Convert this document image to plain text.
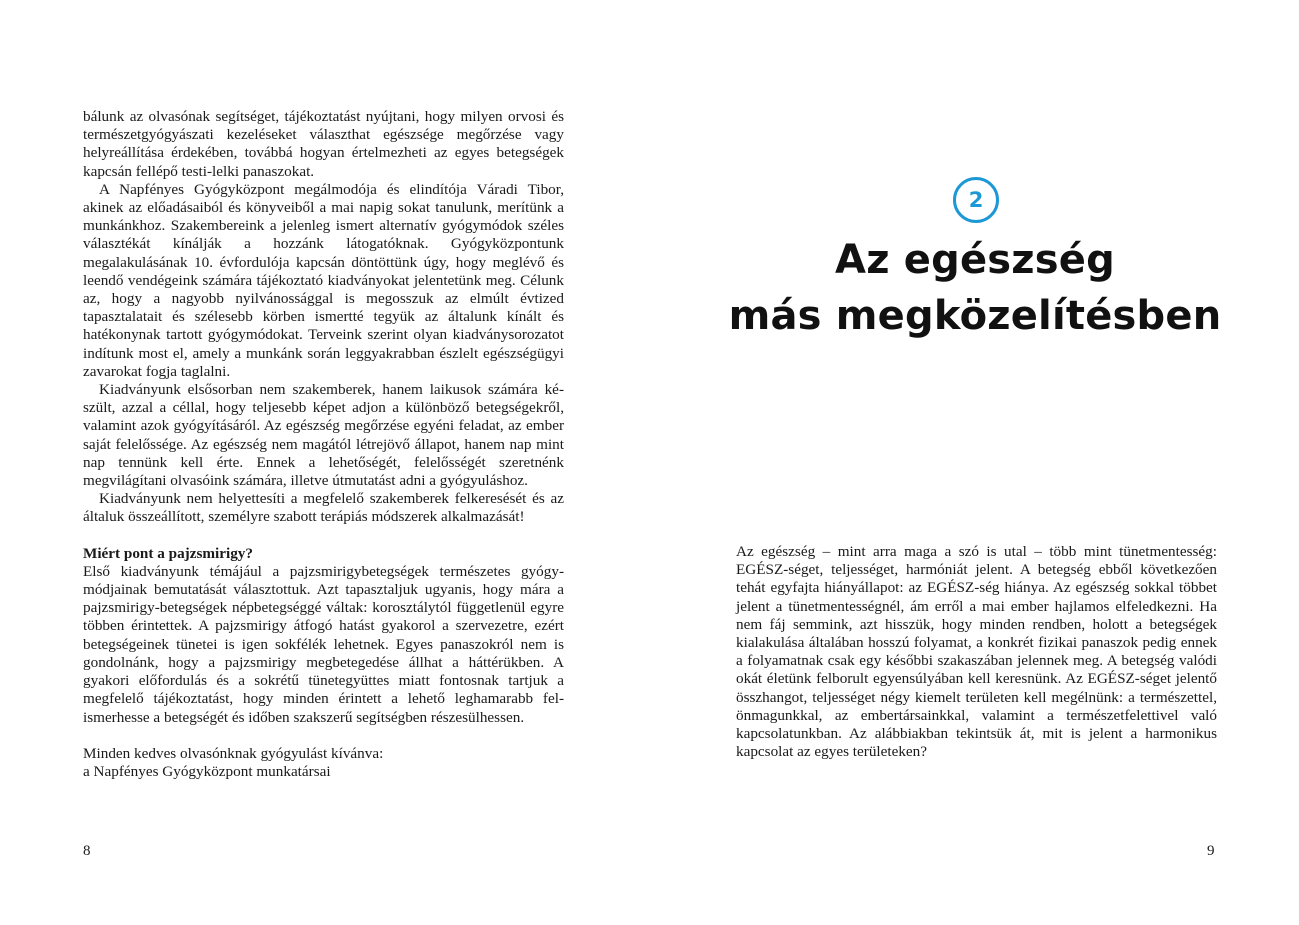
bálunk az olvasónak segítséget, tájékoztatást nyújtani, hogy milyen orvosi és természetgyógyászati kezeléseket választhat egészsége megőrzése vagy helyreállítása érdekében, továbbá hogyan értelmezheti az egyes betegségek kapcsán fellépő testi-lelki panaszokat.

A Napfényes Gyógyközpont megálmodója és elindítója Váradi Tibor, akinek az előadásaiból és könyveiből a mai napig sokat tanulunk, merítünk a munkánkhoz. Szakembereink a jelenleg ismert alternatív gyógymódok széles választékát kínálják a hozzánk látogatóknak. Gyógyközpontunk megalakulásának 10. évfordulója kapcsán döntöttünk úgy, hogy meglévő és leendő vendégeink számára tájékoztató kiadványokat jelentetünk meg. Célunk az, hogy a nagyobb nyilvánossággal is megosszuk az elmúlt évtized tapasztalatait és szélesebb körben ismertté tegyük az általunk kínált és hatékonynak tartott gyógymódokat. Terveink szerint olyan kiadványsorozatot indítunk most el, amely a munkánk során leggyakrabban észlelt egészségügyi zavarokat fogja taglalni.

Kiadványunk elsősorban nem szakemberek, hanem laikusok számára készült, azzal a céllal, hogy teljesebb képet adjon a különböző betegségekről, valamint azok gyógyításáról. Az egészség megőrzése egyéni feladat, az ember saját felelőssége. Az egészség nem magától létrejövő állapot, hanem nap mint nap tennünk kell érte. Ennek a lehetőségét, felelősségét szeretnénk megvilágítani olvasóink számára, illetve útmutatást adni a gyógyuláshoz.

Kiadványunk nem helyettesíti a megfelelő szakemberek felkeresését és az általuk összeállított, személyre szabott terápiás módszerek alkalmazását!

Miért pont a pajzsmirigy?

Első kiadványunk témájául a pajzsmirigybetegségek természetes gyógymódjainak bemutatását választottuk. Azt tapasztaljuk ugyanis, hogy mára a pajzsmirigy-betegségek népbetegséggé váltak: korosztálytól függetlenül egyre többen érintettek. A pajzsmirigy átfogó hatást gyakorol a szervezetre, ezért betegségeinek tünetei is igen sokfélék lehetnek. Egyes panaszokról nem is gondolnánk, hogy a pajzsmirigy megbetegedése állhat a háttérükben. A gyakori előfordulás és a sokrétű tünetegyüttes miatt fontosnak tartjuk a megfelelő tájékoztatást, hogy minden érintett a lehető leghamarabb felismerhesse a betegségét és időben szakszerű segítségben részesülhessen.

Minden kedves olvasónknak gyógyulást kívánva:

a Napfényes Gyógyközpont munkatársai

8
2
Az egészség
más megközelítésben

Az egészség – mint arra maga a szó is utal – több mint tünetmentesség: EGÉSZ-séget, teljességet, harmóniát jelent. A betegség ebből következően tehát egyfajta hiányállapot: az EGÉSZ-ség hiánya. Az egészség sokkal többet jelent a tünetmentességnél, ám erről a mai ember hajlamos elfeledkezni. Ha nem fáj semmink, azt hisszük, hogy minden rendben, holott a betegségek kialakulása általában hosszú folyamat, a konkrét fizikai panaszok pedig ennek a folyamatnak csak egy későbbi szakaszában jelennek meg. A betegség valódi okát életünk felborult egyensúlyában kell keresnünk. Az EGÉSZ-séget jelentő összhangot, teljességet négy kiemelt területen kell megélnünk: a természettel, önmagunkkal, az embertársainkkal, valamint a természetfelettivel való kapcsolatunkban. Az alábbiakban tekintsük át, mit is jelent a harmonikus kapcsolat az egyes területeken?

9
